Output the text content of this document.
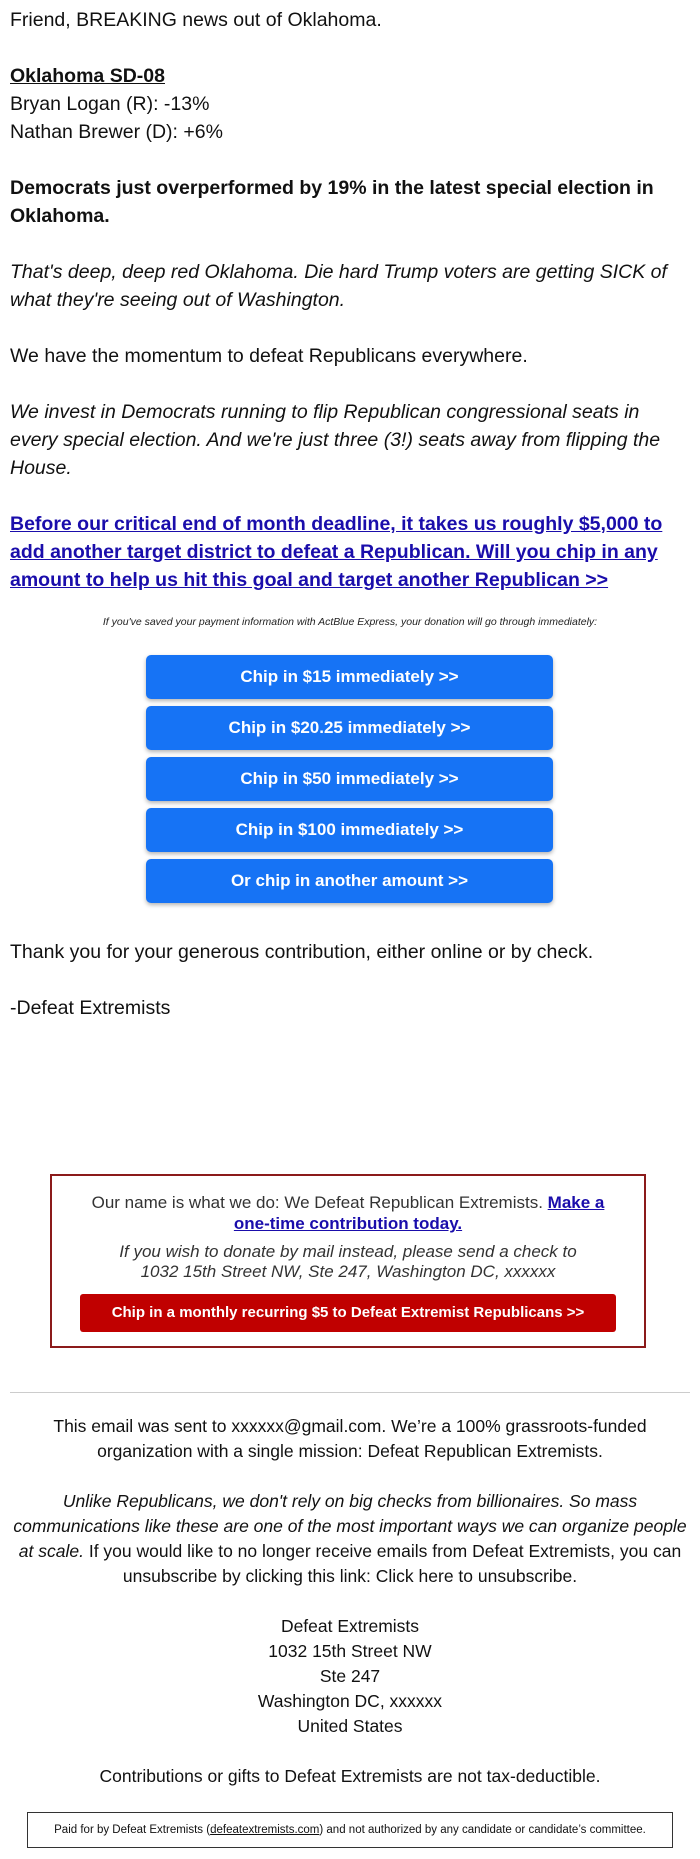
Friend, BREAKING news out of Oklahoma.

Oklahoma SD-08

Bryan Logan (R): -13%

Nathan Brewer (D): +6%

Democrats just overperformed by 19% in the latest special election in Oklahoma.

That's deep, deep red Oklahoma. Die hard Trump voters are getting SICK of what they're seeing out of Washington.

We have the momentum to defeat Republicans everywhere.

We invest in Democrats running to flip Republican congressional seats in every special election. And we're just three (3!) seats away from flipping the House.

Before our critical end of month deadline, it takes us roughly $5,000 to add another target district to defeat a Republican. Will you chip in any amount to help us hit this goal and target another Republican >>

If you've saved your payment information with ActBlue Express, your donation will go through immediately:

Chip in $15 immediately >>
Chip in $20.25 immediately >>
Chip in $50 immediately >>
Chip in $100 immediately >>
Or chip in another amount >>
Thank you for your generous contribution, either online or by check.
-Defeat Extremists
Our name is what we do: We Defeat Republican Extremists. Make a one-time contribution today.
If you wish to donate by mail instead, please send a check to 1032 15th Street NW, Ste 247, Washington DC, xxxxxx
Chip in a monthly recurring $5 to Defeat Extremist Republicans >>

This email was sent to xxxxxx@gmail.com. We’re a 100% grassroots-funded organization with a single mission: Defeat Republican Extremists.

Unlike Republicans, we don't rely on big checks from billionaires. So mass communications like these are one of the most important ways we can organize people at scale. If you would like to no longer receive emails from Defeat Extremists, you can unsubscribe by clicking this link: Click here to unsubscribe.

Defeat Extremists

1032 15th Street NW

Ste 247

Washington DC, xxxxxx

United States

Contributions or gifts to Defeat Extremists are not tax-deductible.

Paid for by Defeat Extremists (defeatextremists.com) and not authorized by any candidate or candidate’s committee.
